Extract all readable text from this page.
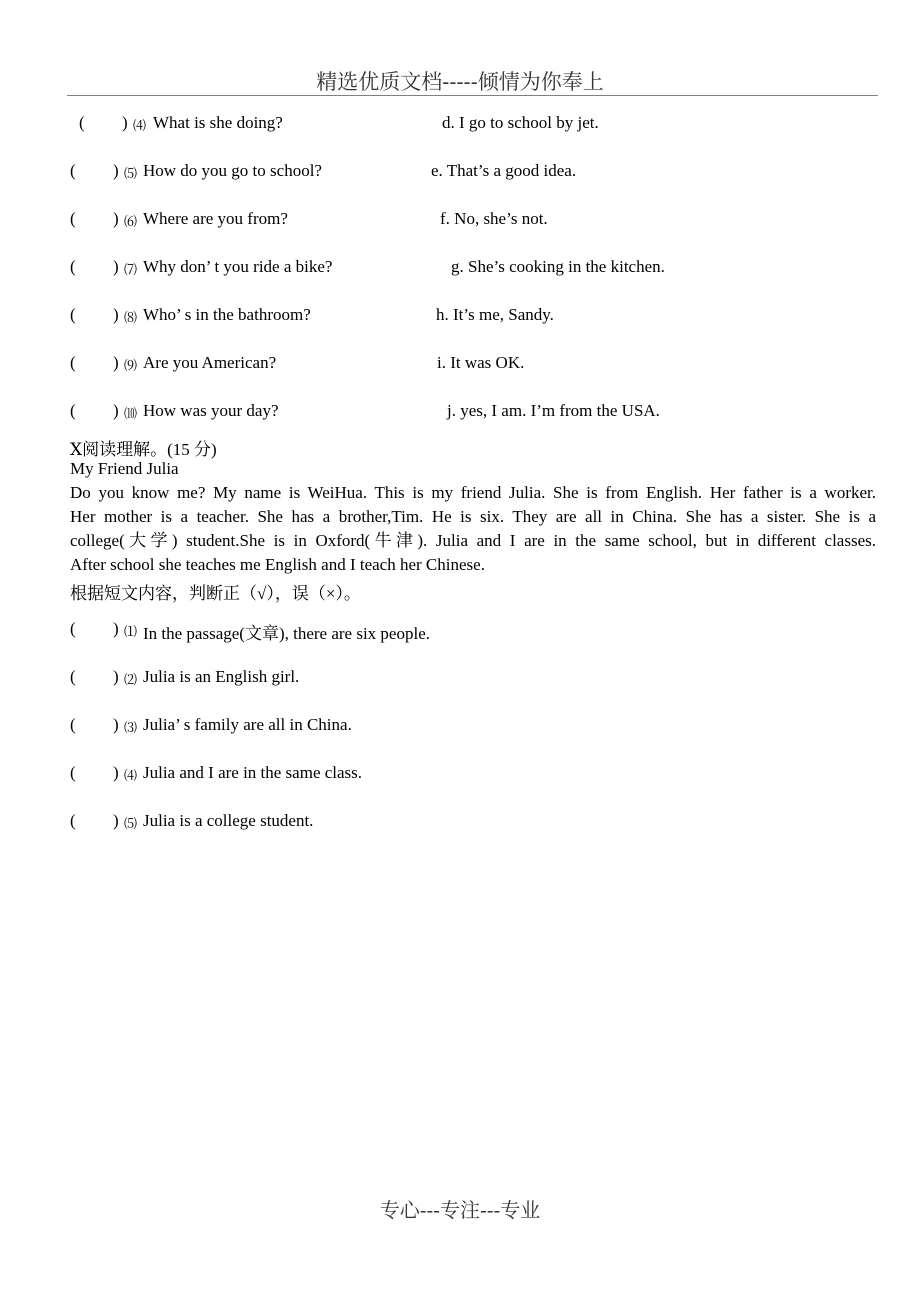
精选优质文档-----倾情为你奉上
( ) ⑷ What is she doing?	d. I go to school by jet.
( ) ⑸ How do you go to school?	e. That’s a good idea.
( ) ⑹ Where are you from?	f. No, she’s not.
( ) ⑺ Why don’ t you ride a bike?	g. She’s cooking in the kitchen.
( ) ⑻ Who’ s in the bathroom?	h. It’s me, Sandy.
( ) ⑼ Are you American?	i. It was OK.
( ) ⑽ How was your day?	j. yes, I am. I’m from the USA.
Ⅹ阅读理解。(15 分)
My Friend Julia
Do you know me? My name is WeiHua. This is my friend Julia. She is from English. Her father is a worker.
Her mother is a teacher. She has a brother,Tim. He is six. They are all in China. She has a sister. She is a
college(大学) student.She is in Oxford(牛津). Julia and I are in the same school, but in different classes.
After school she teaches me English and I teach her Chinese.
根据短文内容，判断正（√），误（×）。
( ) ⑴ In the passage(文章), there are six people.
( ) ⑵ Julia is an English girl.
( ) ⑶ Julia’ s family are all in China.
( ) ⑷ Julia and I are in the same class.
( ) ⑸ Julia is a college student.
专心---专注---专业
